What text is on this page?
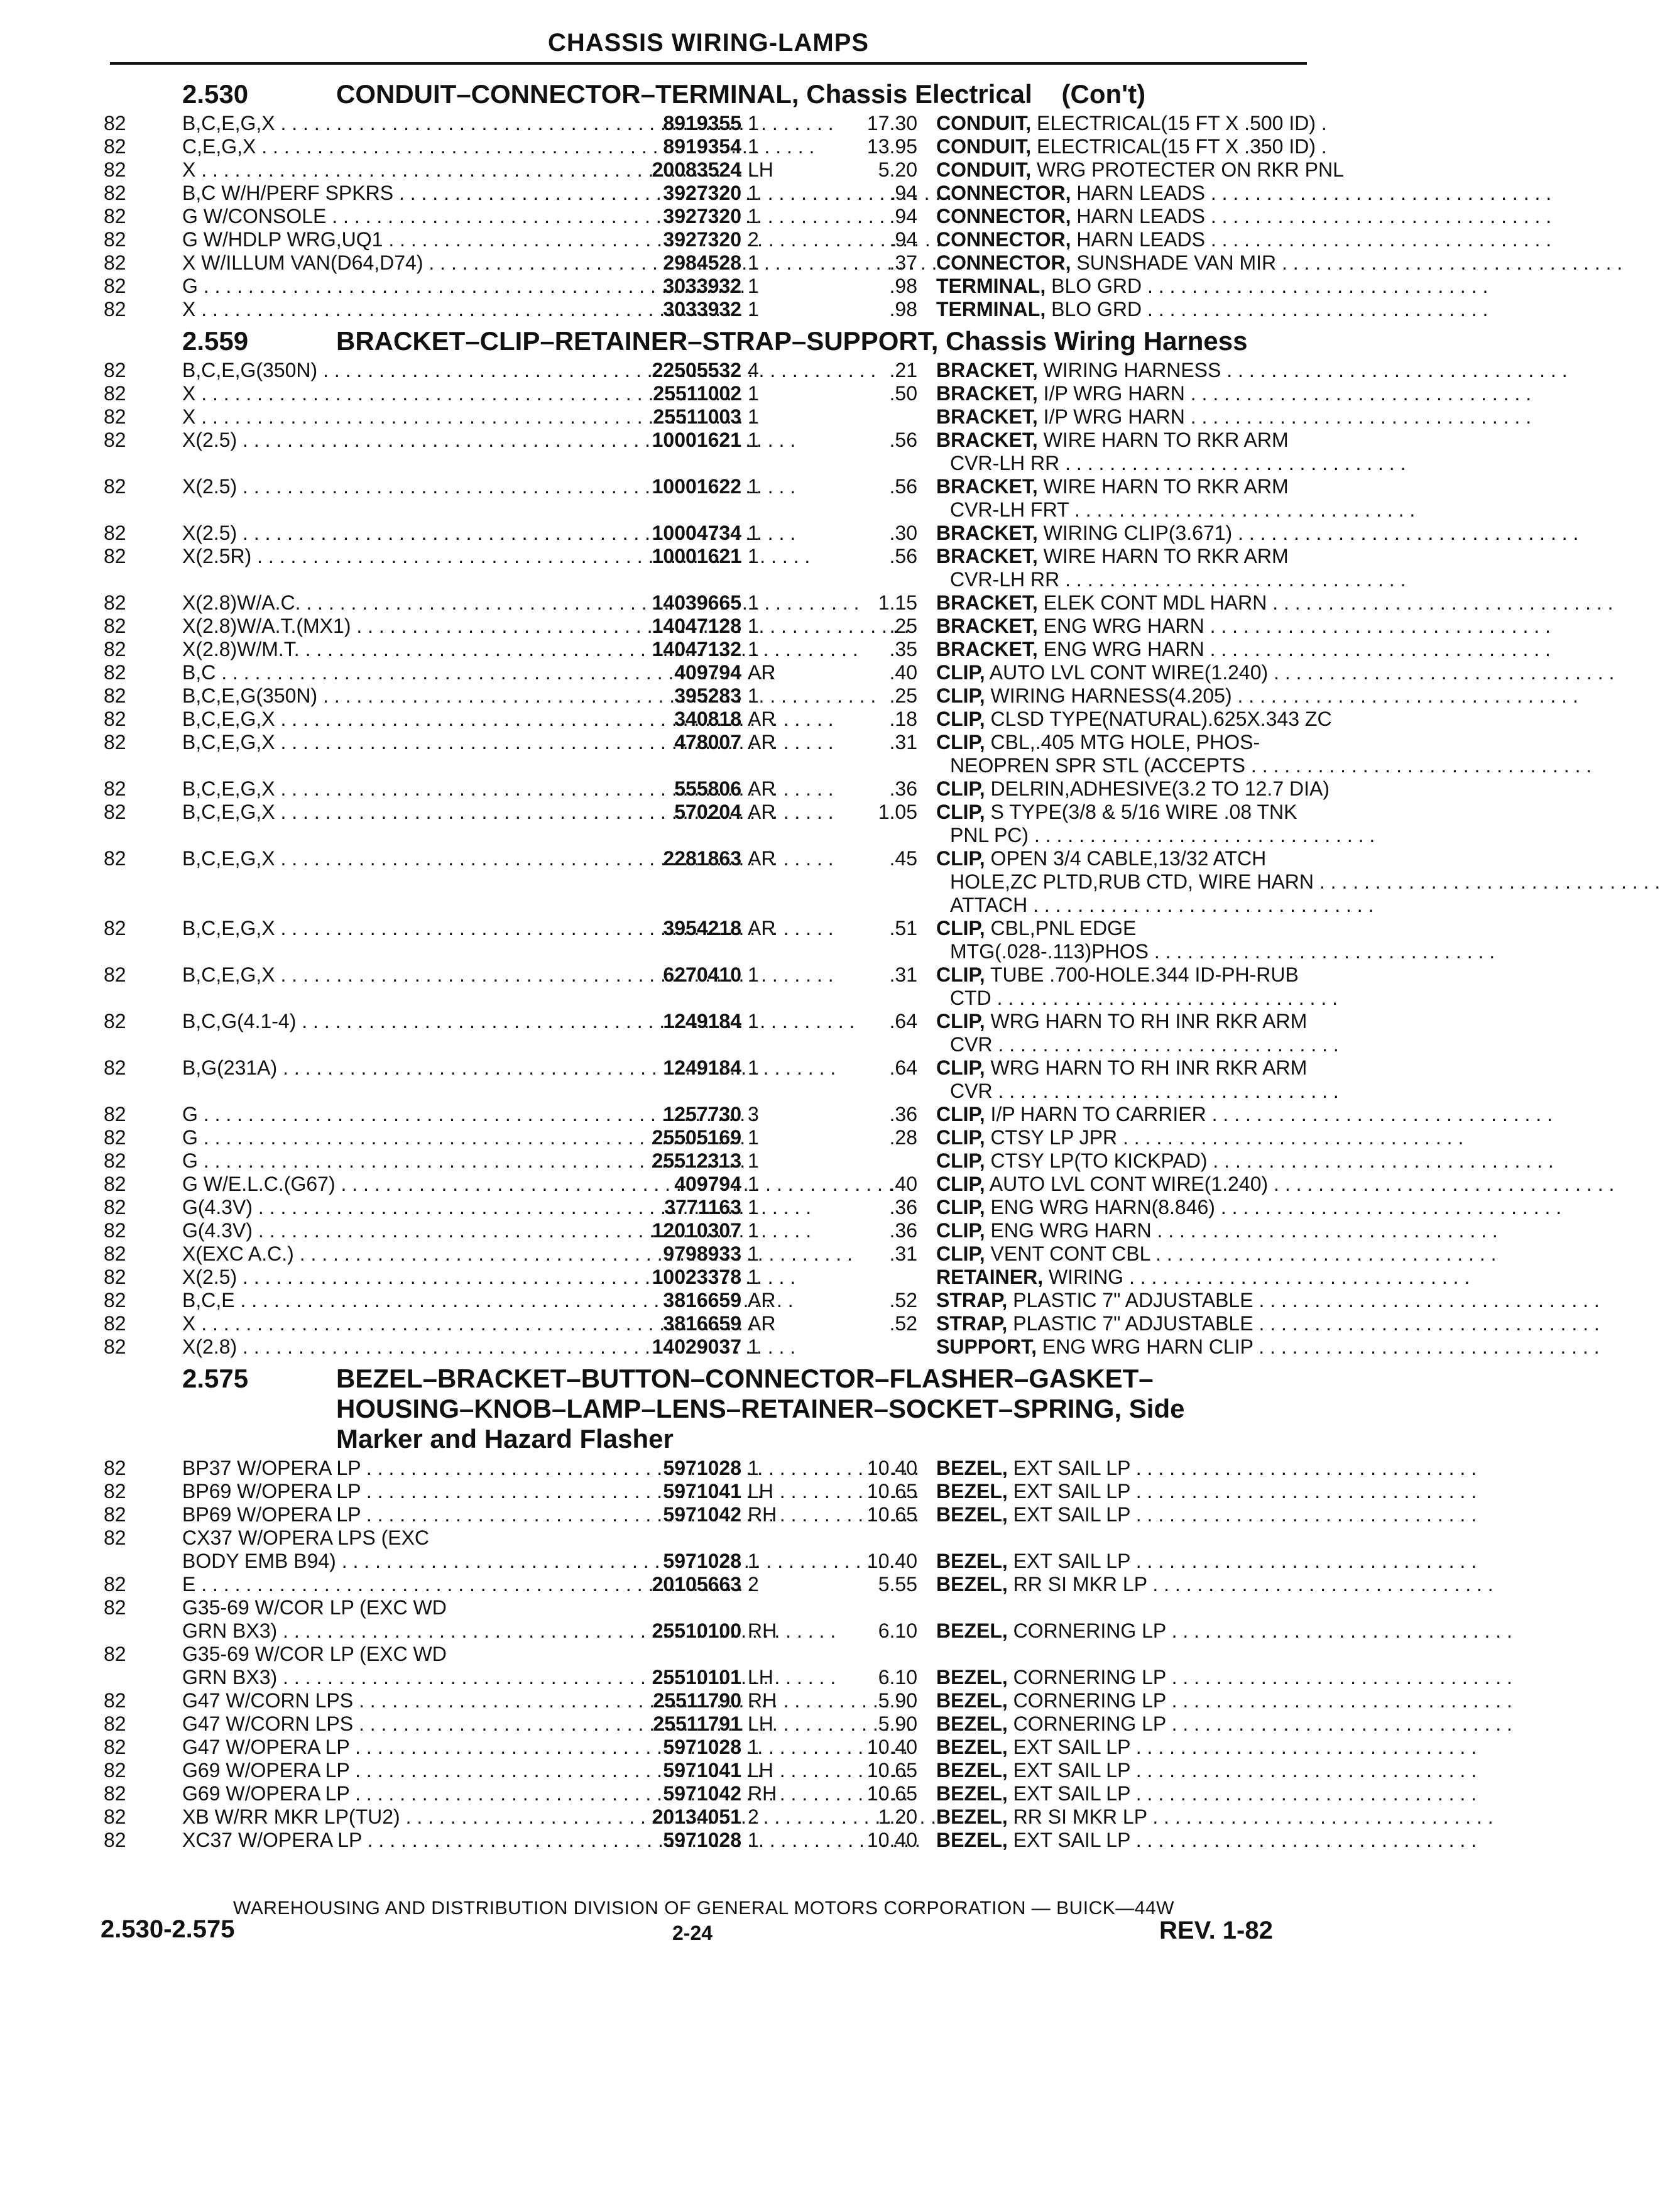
CHASSIS WIRING-LAMPS
2.530	CONDUIT–CONNECTOR–TERMINAL, Chassis Electrical (Con't)
82	B,C,E,G,X . . .	8919355 1	17.30 CONDUIT, ELECTRICAL(15 FT X .500 ID) .
82	C,E,G,X . . .	8919354 1	13.95 CONDUIT, ELECTRICAL(15 FT X .350 ID) .
82	X . . .	20083524 LH	5.20 CONDUIT, WRG PROTECTER ON RKR PNL
82	B,C W/H/PERF SPKRS . . .	3927320 1	.94 CONNECTOR, HARN LEADS . . .
82	G W/CONSOLE . . .	3927320 1	.94 CONNECTOR, HARN LEADS . . .
82	G W/HDLP WRG,UQ1 . . .	3927320 2	.94 CONNECTOR, HARN LEADS . . .
82	X W/ILLUM VAN(D64,D74) . . .	2984528 1	.37 CONNECTOR, SUNSHADE VAN MIR . . .
82	G . . .	3033932 1	.98 TERMINAL, BLO GRD . . .
82	X . . .	3033932 1	.98 TERMINAL, BLO GRD . . .
2.559	BRACKET–CLIP–RETAINER–STRAP–SUPPORT, Chassis Wiring Harness
82	B,C,E,G(350N) . . .	22505532 4	.21 BRACKET, WIRING HARNESS . . .
82	X . . .	25511002 1	.50 BRACKET, I/P WRG HARN . . .
82	X . . .	25511003 1	BRACKET, I/P WRG HARN . . .
82	X(2.5) . . .	10001621 1	.56 BRACKET, WIRE HARN TO RKR ARM
CVR-LH RR . . .
82	X(2.5) . . .	10001622 1	.56 BRACKET, WIRE HARN TO RKR ARM
CVR-LH FRT . . .
82	X(2.5) . . .	10004734 1	.30 BRACKET, WIRING CLIP(3.671) . . .
82	X(2.5R) . . .	10001621 1	.56 BRACKET, WIRE HARN TO RKR ARM
CVR-LH RR . . .
82	X(2.8)W/A.C. . . .	14039665 1	1.15 BRACKET, ELEK CONT MDL HARN . . .
82	X(2.8)W/A.T.(MX1) . . .	14047128 1	.25 BRACKET, ENG WRG HARN . . .
82	X(2.8)W/M.T. . . .	14047132 1	.35 BRACKET, ENG WRG HARN . . .
82	B,C . . .	409794 AR	.40 CLIP, AUTO LVL CONT WIRE(1.240) . . .
82	B,C,E,G(350N) . . .	395283 1	.25 CLIP, WIRING HARNESS(4.205) . . .
82	B,C,E,G,X . . .	340818 AR	.18 CLIP, CLSD TYPE(NATURAL).625X.343 ZC
82	B,C,E,G,X . . .	478007 AR	.31 CLIP, CBL,.405 MTG HOLE, PHOS-
NEOPREN SPR STL (ACCEPTS . . .
82	B,C,E,G,X . . .	555806 AR	.36 CLIP, DELRIN,ADHESIVE(3.2 TO 12.7 DIA)
82	B,C,E,G,X . . .	570204 AR	1.05 CLIP, S TYPE(3/8 & 5/16 WIRE .08 TNK
PNL PC) . . .
82	B,C,E,G,X . . .	2281863 AR	.45 CLIP, OPEN 3/4 CABLE,13/32 ATCH
HOLE,ZC PLTD,RUB CTD, WIRE HARN . . .
ATTACH . . .
82	B,C,E,G,X . . .	3954218 AR	.51 CLIP, CBL,PNL EDGE
MTG(.028-.113)PHOS . . .
82	B,C,E,G,X . . .	6270410 1	.31 CLIP, TUBE .700-HOLE.344 ID-PH-RUB
CTD . . .
82	B,C,G(4.1-4) . . .	1249184 1	.64 CLIP, WRG HARN TO RH INR RKR ARM
CVR . . .
82	B,G(231A) . . .	1249184 1	.64 CLIP, WRG HARN TO RH INR RKR ARM
CVR . . .
82	G . . .	1257730 3	.36 CLIP, I/P HARN TO CARRIER . . .
82	G . . .	25505169 1	.28 CLIP, CTSY LP JPR . . .
82	G . . .	25512313 1	CLIP, CTSY LP(TO KICKPAD) . . .
82	G W/E.L.C.(G67) . . .	409794 1	.40 CLIP, AUTO LVL CONT WIRE(1.240) . . .
82	G(4.3V) . . .	3771163 1	.36 CLIP, ENG WRG HARN(8.846) . . .
82	G(4.3V) . . .	12010307 1	.36 CLIP, ENG WRG HARN . . .
82	X(EXC A.C.) . . .	9798933 1	.31 CLIP, VENT CONT CBL . . .
82	X(2.5) . . .	10023378 1	RETAINER, WIRING . . .
82	B,C,E . . .	3816659 AR	.52 STRAP, PLASTIC 7" ADJUSTABLE . . .
82	X . . .	3816659 AR	.52 STRAP, PLASTIC 7" ADJUSTABLE . . .
82	X(2.8) . . .	14029037 1	SUPPORT, ENG WRG HARN CLIP . . .
2.575	BEZEL–BRACKET–BUTTON–CONNECTOR–FLASHER–GASKET–
HOUSING–KNOB–LAMP–LENS–RETAINER–SOCKET–SPRING, Side
Marker and Hazard Flasher
82	BP37 W/OPERA LP . . .	5971028 1	10.40 BEZEL, EXT SAIL LP . . .
82	BP69 W/OPERA LP . . .	5971041 LH	10.65 BEZEL, EXT SAIL LP . . .
82	BP69 W/OPERA LP . . .	5971042 RH	10.65 BEZEL, EXT SAIL LP . . .
82	CX37 W/OPERA LPS (EXC
BODY EMB B94) . . .	5971028 1	10.40 BEZEL, EXT SAIL LP . . .
82	E . . .	20105663 2	5.55 BEZEL, RR SI MKR LP . . .
82	G35-69 W/COR LP (EXC WD
GRN BX3) . . .	25510100 RH	6.10 BEZEL, CORNERING LP . . .
82	G35-69 W/COR LP (EXC WD
GRN BX3) . . .	25510101 LH	6.10 BEZEL, CORNERING LP . . .
82	G47 W/CORN LPS . . .	25511790 RH	5.90 BEZEL, CORNERING LP . . .
82	G47 W/CORN LPS . . .	25511791 LH	5.90 BEZEL, CORNERING LP . . .
82	G47 W/OPERA LP . . .	5971028 1	10.40 BEZEL, EXT SAIL LP . . .
82	G69 W/OPERA LP . . .	5971041 LH	10.65 BEZEL, EXT SAIL LP . . .
82	G69 W/OPERA LP . . .	5971042 RH	10.65 BEZEL, EXT SAIL LP . . .
82	XB W/RR MKR LP(TU2) . . .	20134051 2	1.20 BEZEL, RR SI MKR LP . . .
82	XC37 W/OPERA LP . . .	5971028 1	10.40 BEZEL, EXT SAIL LP . . .
WAREHOUSING AND DISTRIBUTION DIVISION OF GENERAL MOTORS CORPORATION — BUICK—44W
2.530-2.575	2-24	REV. 1-82
